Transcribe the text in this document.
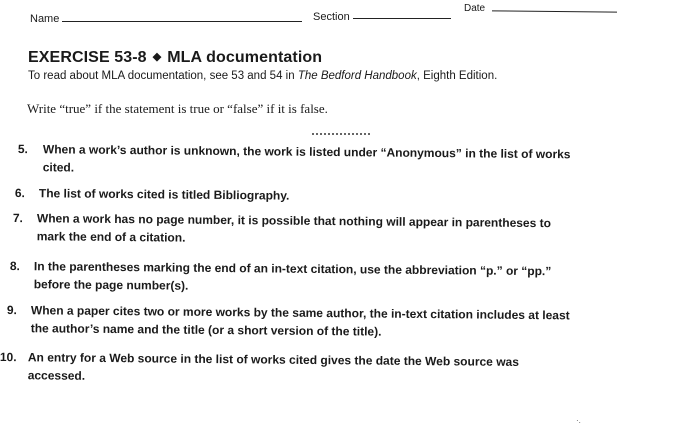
Name	Section
Date
EXERCISE 53-8 ◆ MLA documentation
To read about MLA documentation, see 53 and 54 in The Bedford Handbook, Eighth Edition.
Write “true” if the statement is true or “false” if it is false.
5. When a work’s author is unknown, the work is listed under “Anonymous” in the list of works
cited.
6. The list of works cited is titled Bibliography.
7. When a work has no page number, it is possible that nothing will appear in parentheses to
mark the end of a citation.
8. In the parentheses marking the end of an in-text citation, use the abbreviation “p.” or “pp.”
before the page number(s).
9. When a paper cites two or more works by the same author, the in-text citation includes at least
the author’s name and the title (or a short version of the title).
10. An entry for a Web source in the list of works cited gives the date the Web source was
accessed.
·.
